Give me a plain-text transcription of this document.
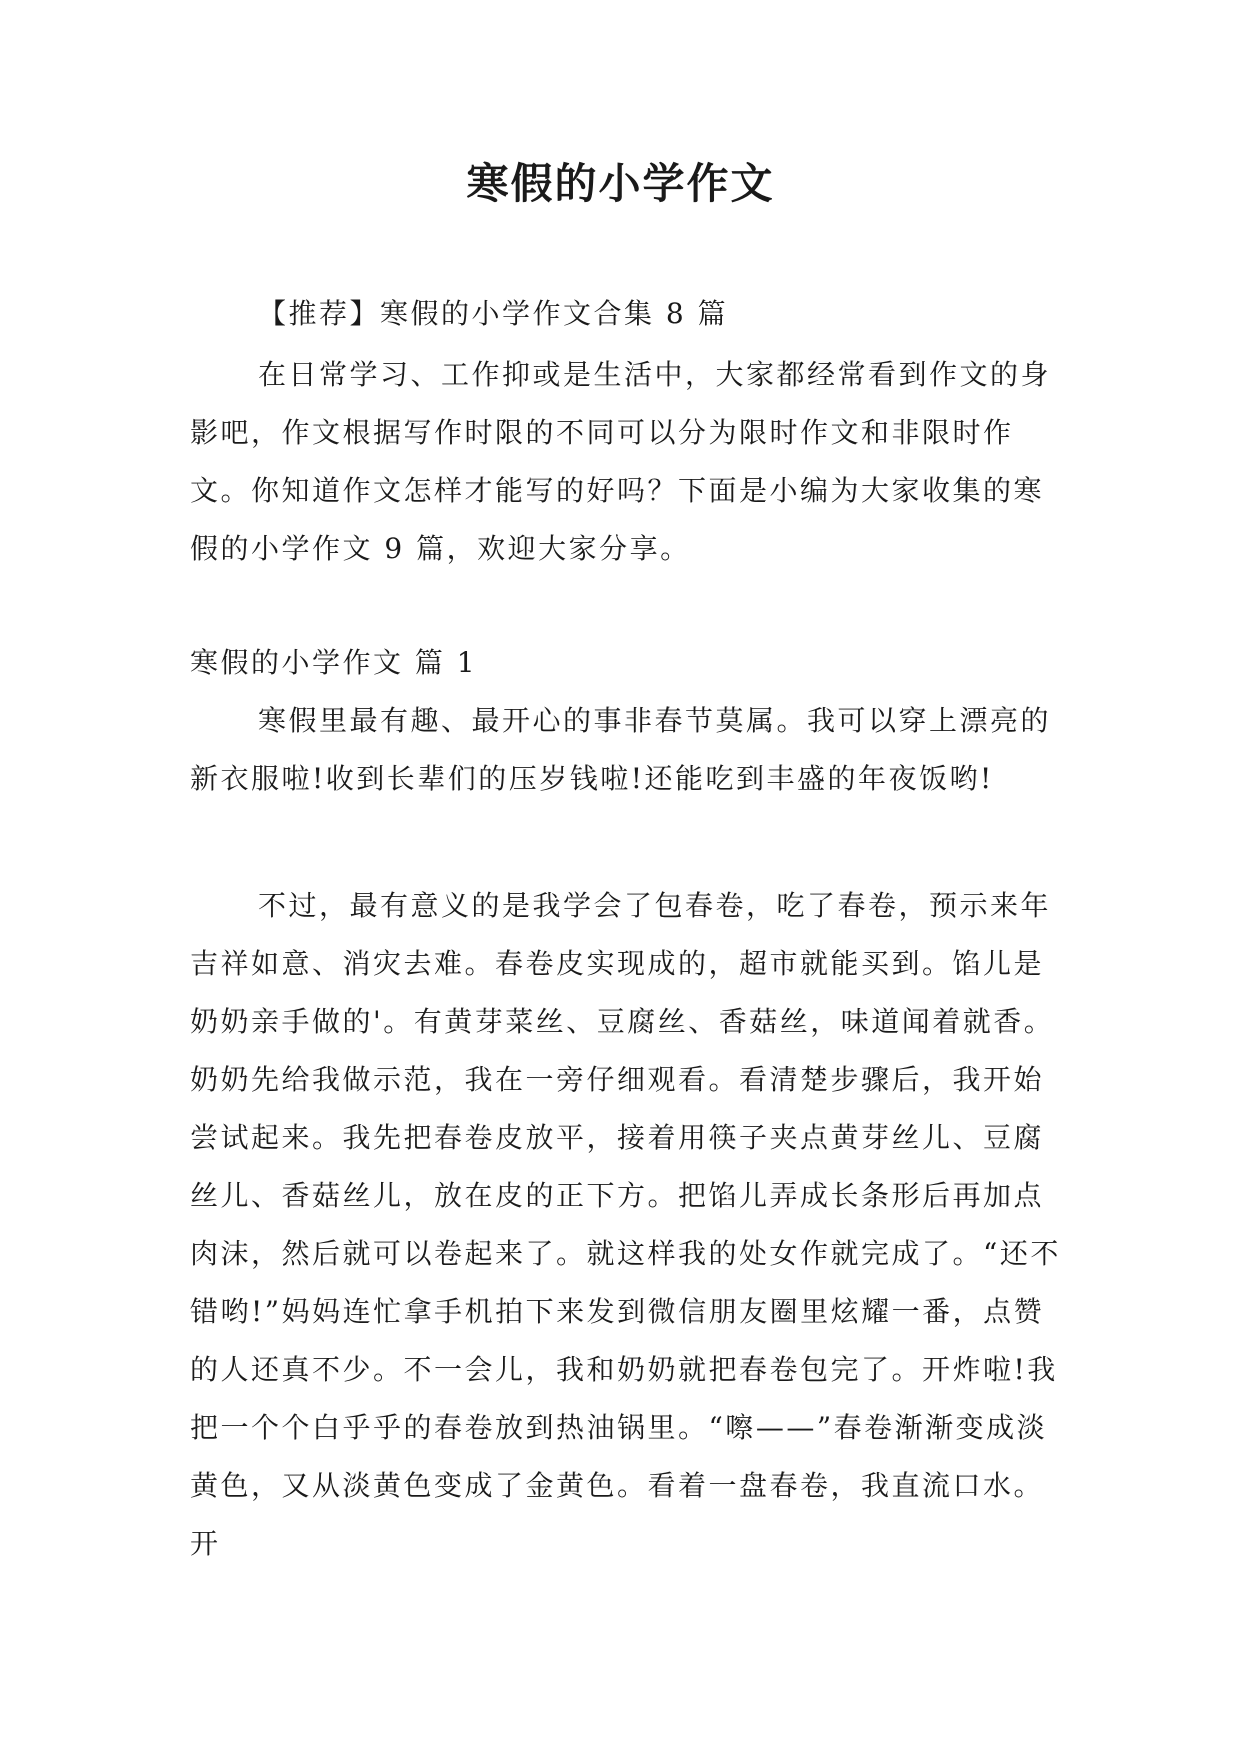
寒假的小学作文

【推荐】寒假的小学作文合集 8 篇

在日常学习、工作抑或是生活中，大家都经常看到作文的身影吧，作文根据写作时限的不同可以分为限时作文和非限时作文。你知道作文怎样才能写的好吗？下面是小编为大家收集的寒假的小学作文 9 篇，欢迎大家分享。

寒假的小学作文 篇 1

寒假里最有趣、最开心的事非春节莫属。我可以穿上漂亮的新衣服啦!收到长辈们的压岁钱啦!还能吃到丰盛的年夜饭哟!

不过，最有意义的是我学会了包春卷，吃了春卷，预示来年吉祥如意、消灾去难。春卷皮实现成的，超市就能买到。馅儿是奶奶亲手做的'。有黄芽菜丝、豆腐丝、香菇丝，味道闻着就香。奶奶先给我做示范，我在一旁仔细观看。看清楚步骤后，我开始尝试起来。我先把春卷皮放平，接着用筷子夹点黄芽丝儿、豆腐丝儿、香菇丝儿，放在皮的正下方。把馅儿弄成长条形后再加点肉沫，然后就可以卷起来了。就这样我的处女作就完成了。“还不错哟!”妈妈连忙拿手机拍下来发到微信朋友圈里炫耀一番，点赞的人还真不少。不一会儿，我和奶奶就把春卷包完了。开炸啦!我把一个个白乎乎的春卷放到热油锅里。“嚓——”春卷渐渐变成淡黄色，又从淡黄色变成了金黄色。看着一盘春卷，我直流口水。开
